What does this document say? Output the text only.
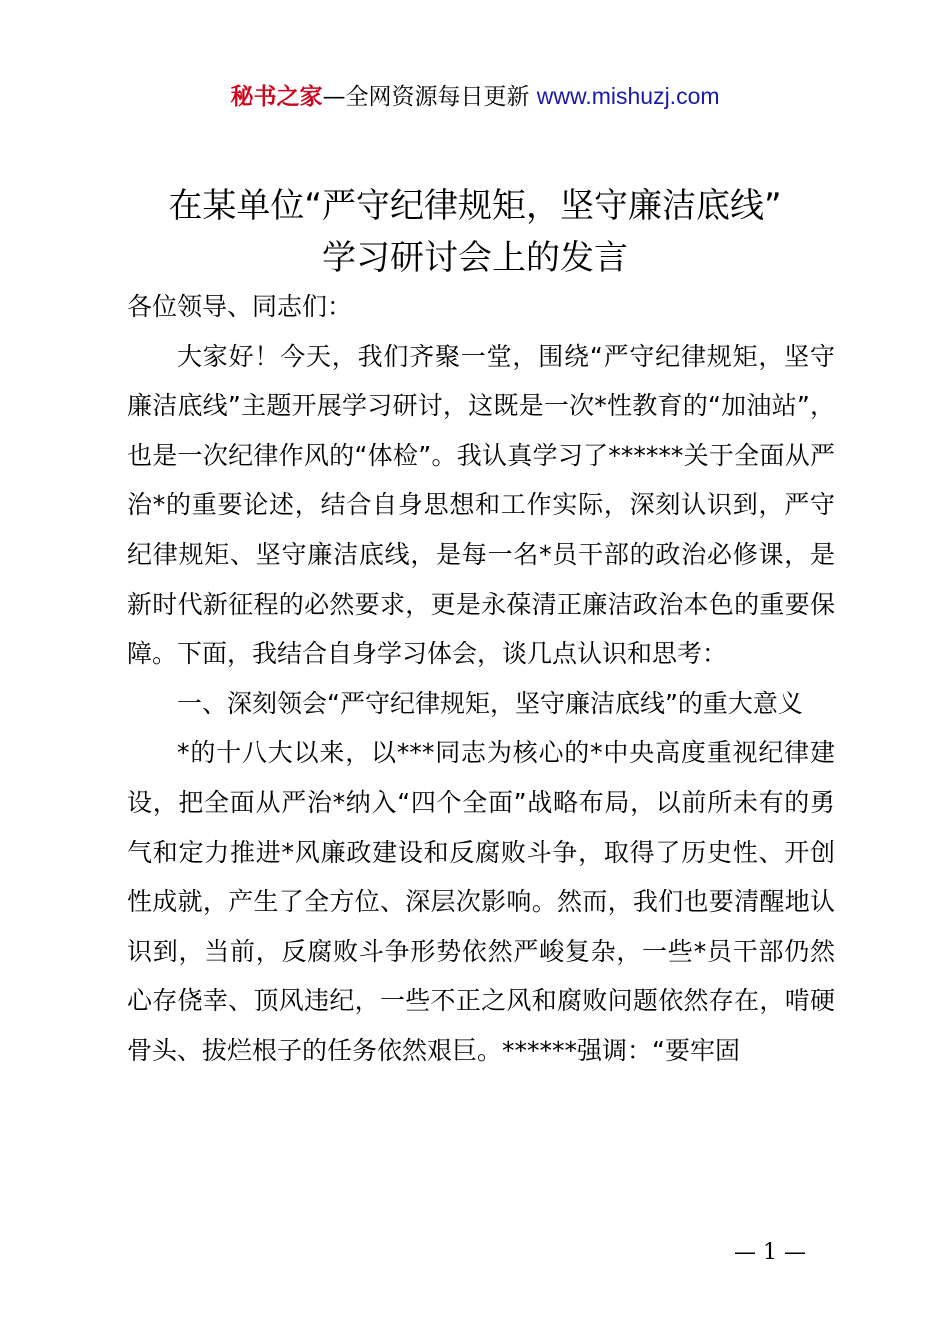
秘书之家—全网资源每日更新 www.mishuzj.com
在某单位“严守纪律规矩，坚守廉洁底线”
学习研讨会上的发言

各位领导、同志们：

大家好！今天，我们齐聚一堂，围绕“严守纪律规矩，坚守廉洁底线”主题开展学习研讨，这既是一次*性教育的“加油站”，也是一次纪律作风的“体检”。我认真学习了******关于全面从严治*的重要论述，结合自身思想和工作实际，深刻认识到，严守纪律规矩、坚守廉洁底线，是每一名*员干部的政治必修课，是新时代新征程的必然要求，更是永葆清正廉洁政治本色的重要保障。下面，我结合自身学习体会，谈几点认识和思考：

一、深刻领会“严守纪律规矩，坚守廉洁底线”的重大意义

*的十八大以来，以***同志为核心的*中央高度重视纪律建设，把全面从严治*纳入“四个全面”战略布局，以前所未有的勇气和定力推进*风廉政建设和反腐败斗争，取得了历史性、开创性成就，产生了全方位、深层次影响。然而，我们也要清醒地认识到，当前，反腐败斗争形势依然严峻复杂，一些*员干部仍然心存侥幸、顶风违纪，一些不正之风和腐败问题依然存在，啃硬骨头、拔烂根子的任务依然艰巨。******强调：“要牢固

— 1 —
